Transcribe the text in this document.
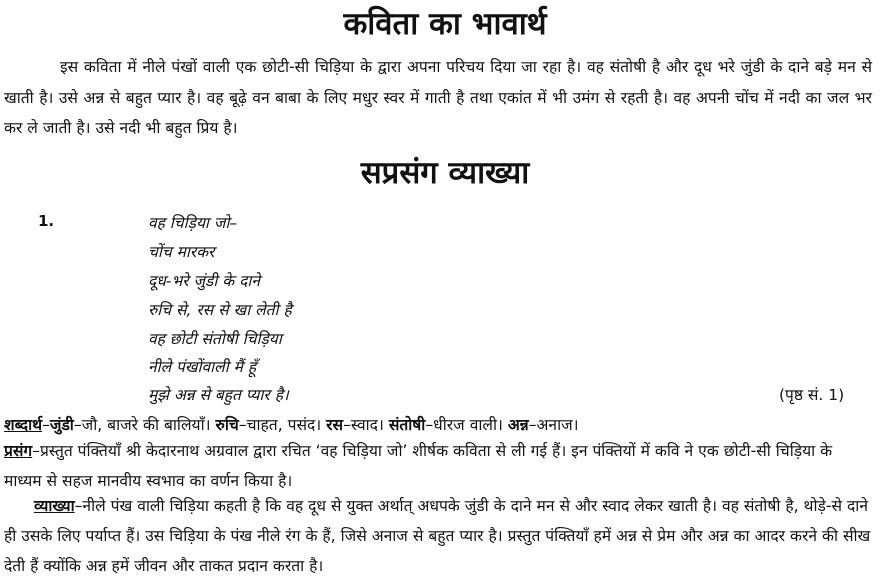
कविता का भावार्थ
इस कविता में नीले पंखों वाली एक छोटी-सी चिड़िया के द्वारा अपना परिचय दिया जा रहा है। वह संतोषी है और दूध भरे जुंडी के दाने बड़े मन से खाती है। उसे अन्न से बहुत प्यार है। वह बूढ़े वन बाबा के लिए मधुर स्वर में गाती है तथा एकांत में भी उमंग से रहती है। वह अपनी चोंच में नदी का जल भर कर ले जाती है। उसे नदी भी बहुत प्रिय है।
सप्रसंग व्याख्या
1.	वह चिड़िया जो–
चोंच मारकर
दूध-भरे जुंडी के दाने
रुचि से, रस से खा लेती है
वह छोटी संतोषी चिड़िया
नीले पंखोंवाली मैं हूँ
मुझे अन्न से बहुत प्यार है।	(पृष्ठ सं. 1)
शब्दार्थ–जुंडी–जौ, बाजरे की बालियाँ। रुचि–चाहत, पसंद। रस–स्वाद। संतोषी–धीरज वाली। अन्न–अनाज।
प्रसंग–प्रस्तुत पंक्तियाँ श्री केदारनाथ अग्रवाल द्वारा रचित ‘वह चिड़िया जो’ शीर्षक कविता से ली गई हैं। इन पंक्तियों में कवि ने एक छोटी-सी चिड़िया के माध्यम से सहज मानवीय स्वभाव का वर्णन किया है।
व्याख्या–नीले पंख वाली चिड़िया कहती है कि वह दूध से युक्त अर्थात् अधपके जुंडी के दाने मन से और स्वाद लेकर खाती है। वह संतोषी है, थोड़े-से दाने ही उसके लिए पर्याप्त हैं। उस चिड़िया के पंख नीले रंग के हैं, जिसे अनाज से बहुत प्यार है। प्रस्तुत पंक्तियाँ हमें अन्न से प्रेम और अन्न का आदर करने की सीख देती हैं क्योंकि अन्न हमें जीवन और ताकत प्रदान करता है।
